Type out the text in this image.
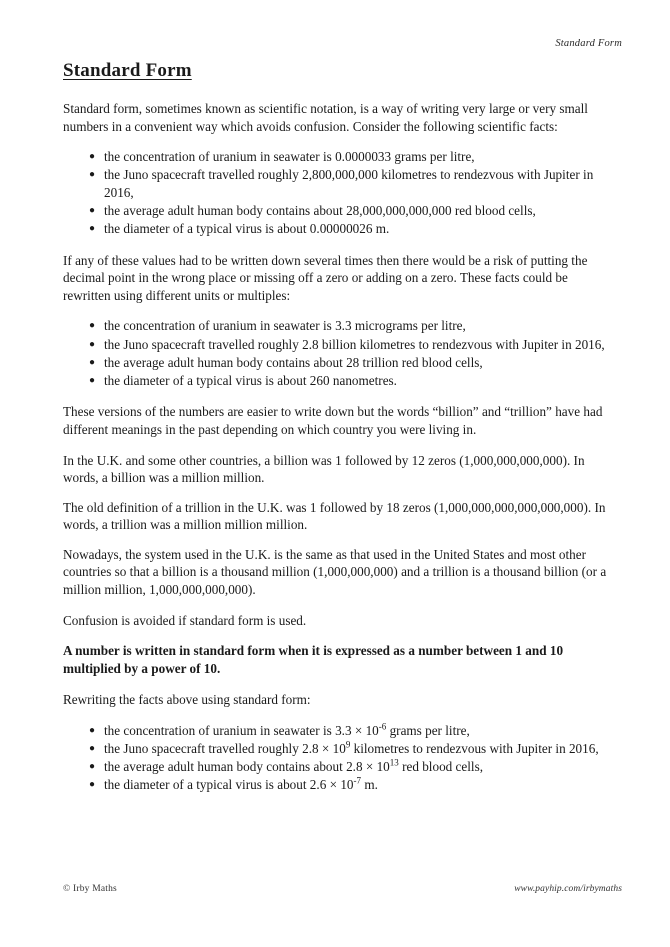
Standard Form
Standard Form

Standard form, sometimes known as scientific notation, is a way of writing very large or very small numbers in a convenient way which avoids confusion. Consider the following scientific facts:

● the concentration of uranium in seawater is 0.0000033 grams per litre,
● the Juno spacecraft travelled roughly 2,800,000,000 kilometres to rendezvous with Jupiter in 2016,
● the average adult human body contains about 28,000,000,000,000 red blood cells,
● the diameter of a typical virus is about 0.00000026 m.

If any of these values had to be written down several times then there would be a risk of putting the decimal point in the wrong place or missing off a zero or adding on a zero. These facts could be rewritten using different units or multiples:

● the concentration of uranium in seawater is 3.3 micrograms per litre,
● the Juno spacecraft travelled roughly 2.8 billion kilometres to rendezvous with Jupiter in 2016,
● the average adult human body contains about 28 trillion red blood cells,
● the diameter of a typical virus is about 260 nanometres.

These versions of the numbers are easier to write down but the words “billion” and “trillion” have had different meanings in the past depending on which country you were living in.

In the U.K. and some other countries, a billion was 1 followed by 12 zeros (1,000,000,000,000). In words, a billion was a million million.

The old definition of a trillion in the U.K. was 1 followed by 18 zeros (1,000,000,000,000,000,000). In words, a trillion was a million million million.

Nowadays, the system used in the U.K. is the same as that used in the United States and most other countries so that a billion is a thousand million (1,000,000,000) and a trillion is a thousand billion (or a million million, 1,000,000,000,000).

Confusion is avoided if standard form is used.

A number is written in standard form when it is expressed as a number between 1 and 10 multiplied by a power of 10.

Rewriting the facts above using standard form:

● the concentration of uranium in seawater is $3.3 \times 10^{-6}$ grams per litre,
● the Juno spacecraft travelled roughly $2.8 \times 10^9$ kilometres to rendezvous with Jupiter in 2016,
● the average adult human body contains about $2.8 \times 10^{13}$ red blood cells,
● the diameter of a typical virus is about $2.6 \times 10^{-7}$ m.
© Irby Maths	www.payhip.com/irbymaths
